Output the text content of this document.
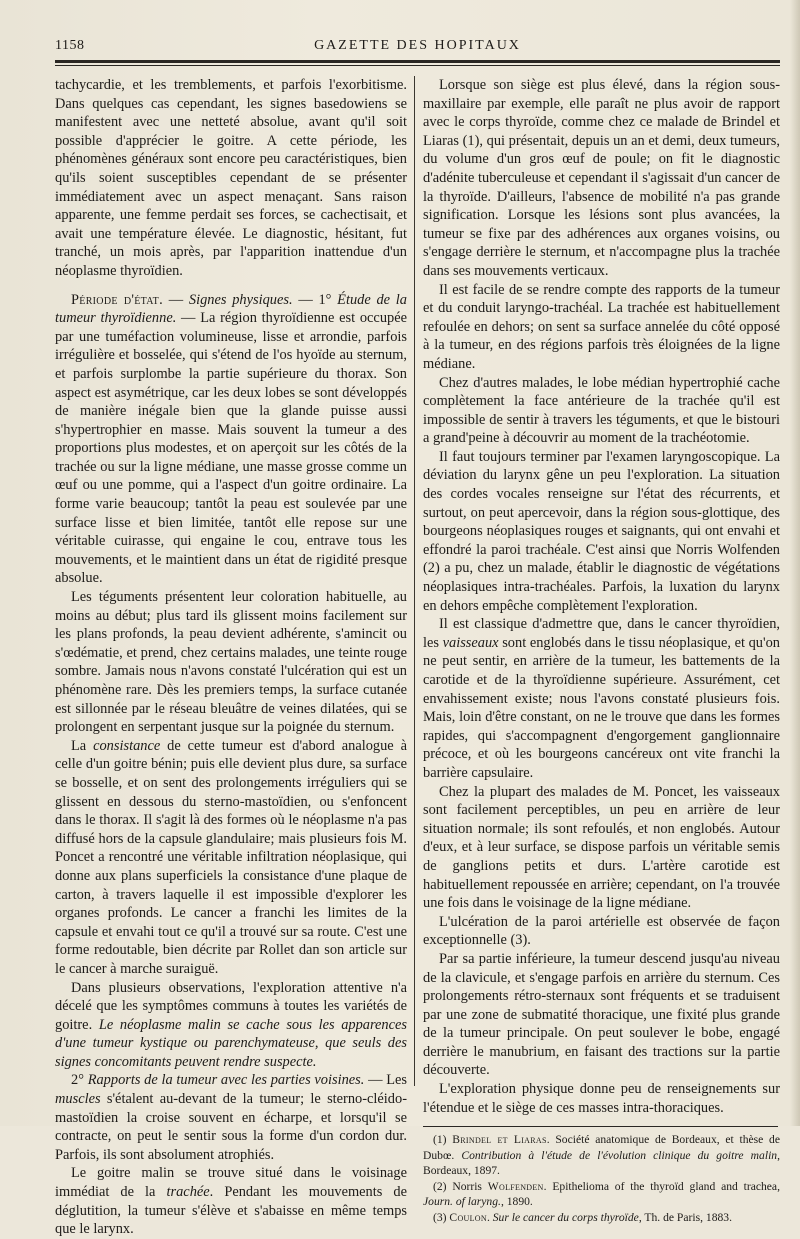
1158	GAZETTE DES HOPITAUX

tachycardie, et les tremblements, et parfois l'exorbitisme. Dans quelques cas cependant, les signes basedowiens se manifestent avec une netteté absolue, avant qu'il soit possible d'apprécier le goitre. A cette période, les phénomènes généraux sont encore peu caractéristiques, bien qu'ils soient susceptibles cependant de se présenter immédiatement avec un aspect menaçant. Sans raison apparente, une femme perdait ses forces, se cachectisait, et avait une température élevée. Le diagnostic, hésitant, fut tranché, un mois après, par l'apparition inattendue d'un néoplasme thyroïdien.

Période d'état. — Signes physiques. — 1° Étude de la tumeur thyroïdienne. — La région thyroïdienne est occupée par une tuméfaction volumineuse, lisse et arrondie, parfois irrégulière et bosselée, qui s'étend de l'os hyoïde au sternum, et parfois surplombe la partie supérieure du thorax. Son aspect est asymétrique, car les deux lobes se sont développés de manière inégale bien que la glande puisse aussi s'hypertrophier en masse. Mais souvent la tumeur a des proportions plus modestes, et on aperçoit sur les côtés de la trachée ou sur la ligne médiane, une masse grosse comme un œuf ou une pomme, qui a l'aspect d'un goitre ordinaire. La forme varie beaucoup; tantôt la peau est soulevée par une surface lisse et bien limitée, tantôt elle repose sur une véritable cuirasse, qui engaine le cou, entrave tous les mouvements, et le maintient dans un état de rigidité presque absolue.

Les téguments présentent leur coloration habituelle, au moins au début; plus tard ils glissent moins facilement sur les plans profonds, la peau devient adhérente, s'amincit ou s'œdématie, et prend, chez certains malades, une teinte rouge sombre. Jamais nous n'avons constaté l'ulcération qui est un phénomène rare. Dès les premiers temps, la surface cutanée est sillonnée par le réseau bleuâtre de veines dilatées, qui se prolongent en serpentant jusque sur la poignée du sternum.

La consistance de cette tumeur est d'abord analogue à celle d'un goitre bénin; puis elle devient plus dure, sa surface se bosselle, et on sent des prolongements irréguliers qui se glissent en dessous du sterno-mastoïdien, ou s'enfoncent dans le thorax. Il s'agit là des formes où le néoplasme n'a pas diffusé hors de la capsule glandulaire; mais plusieurs fois M. Poncet a rencontré une véritable infiltration néoplasique, qui donne aux plans superficiels la consistance d'une plaque de carton, à travers laquelle il est impossible d'explorer les organes profonds. Le cancer a franchi les limites de la capsule et envahi tout ce qu'il a trouvé sur sa route. C'est une forme redoutable, bien décrite par Rollet dan son article sur le cancer à marche suraiguë.

Dans plusieurs observations, l'exploration attentive n'a décelé que les symptômes communs à toutes les variétés de goitre. Le néoplasme malin se cache sous les apparences d'une tumeur kystique ou parenchymateuse, que seuls des signes concomitants peuvent rendre suspecte.

2° Rapports de la tumeur avec les parties voisines. — Les muscles s'étalent au-devant de la tumeur; le sterno-cléido-mastoïdien la croise souvent en écharpe, et lorsqu'il se contracte, on peut le sentir sous la forme d'un cordon dur. Parfois, ils sont absolument atrophiés.

Le goitre malin se trouve situé dans le voisinage immédiat de la trachée. Pendant les mouvements de déglutition, la tumeur s'élève et s'abaisse en même temps que le larynx.

Lorsque son siège est plus élevé, dans la région sous-maxillaire par exemple, elle paraît ne plus avoir de rapport avec le corps thyroïde, comme chez ce malade de Brindel et Liaras (1), qui présentait, depuis un an et demi, deux tumeurs, du volume d'un gros œuf de poule; on fit le diagnostic d'adénite tuberculeuse et cependant il s'agissait d'un cancer de la thyroïde. D'ailleurs, l'absence de mobilité n'a pas grande signification. Lorsque les lésions sont plus avancées, la tumeur se fixe par des adhérences aux organes voisins, ou s'engage derrière le sternum, et n'accompagne plus la trachée dans ses mouvements verticaux.

Il est facile de se rendre compte des rapports de la tumeur et du conduit laryngo-trachéal. La trachée est habituellement refoulée en dehors; on sent sa surface annelée du côté opposé à la tumeur, en des régions parfois très éloignées de la ligne médiane.

Chez d'autres malades, le lobe médian hypertrophié cache complètement la face antérieure de la trachée qu'il est impossible de sentir à travers les téguments, et que le bistouri a grand'peine à découvrir au moment de la trachéotomie.

Il faut toujours terminer par l'examen laryngoscopique. La déviation du larynx gêne un peu l'exploration. La situation des cordes vocales renseigne sur l'état des récurrents, et surtout, on peut apercevoir, dans la région sous-glottique, des bourgeons néoplasiques rouges et saignants, qui ont envahi et effondré la paroi trachéale. C'est ainsi que Norris Wolfenden (2) a pu, chez un malade, établir le diagnostic de végétations néoplasiques intra-trachéales. Parfois, la luxation du larynx en dehors empêche complètement l'exploration.

Il est classique d'admettre que, dans le cancer thyroïdien, les vaisseaux sont englobés dans le tissu néoplasique, et qu'on ne peut sentir, en arrière de la tumeur, les battements de la carotide et de la thyroïdienne supérieure. Assurément, cet envahissement existe; nous l'avons constaté plusieurs fois. Mais, loin d'être constant, on ne le trouve que dans les formes rapides, qui s'accompagnent d'engorgement ganglionnaire précoce, et où les bourgeons cancéreux ont vite franchi la barrière capsulaire.

Chez la plupart des malades de M. Poncet, les vaisseaux sont facilement perceptibles, un peu en arrière de leur situation normale; ils sont refoulés, et non englobés. Autour d'eux, et à leur surface, se dispose parfois un véritable semis de ganglions petits et durs. L'artère carotide est habituellement repoussée en arrière; cependant, on l'a trouvée une fois dans le voisinage de la ligne médiane.

L'ulcération de la paroi artérielle est observée de façon exceptionnelle (3).

Par sa partie inférieure, la tumeur descend jusqu'au niveau de la clavicule, et s'engage parfois en arrière du sternum. Ces prolongements rétro-sternaux sont fréquents et se traduisent par une zone de submatité thoracique, une fixité plus grande de la tumeur principale. On peut soulever le bobe, engagé derrière le manubrium, en faisant des tractions sur la partie découverte.

L'exploration physique donne peu de renseignements sur l'étendue et le siège de ces masses intra-thoraciques.

(1) Brindel et Liaras. Société anatomique de Bordeaux, et thèse de Dubœ. Contribution à l'étude de l'évolution clinique du goitre malin, Bordeaux, 1897.

(2) Norris Wolfenden. Epithelioma of the thyroïd gland and trachea, Journ. of laryng., 1890.

(3) Coulon. Sur le cancer du corps thyroïde, Th. de Paris, 1883.
